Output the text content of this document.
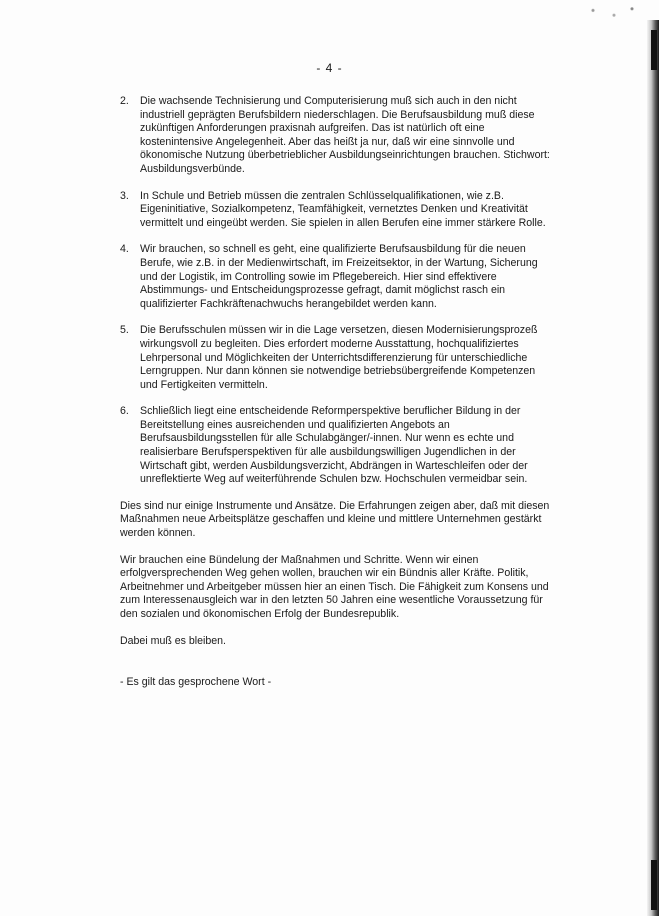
- 4 -
2.	Die wachsende Technisierung und Computerisierung muß sich auch in den nicht industriell geprägten Berufsbildern niederschlagen. Die Berufsausbildung muß diese zukünftigen Anforderungen praxisnah aufgreifen. Das ist natürlich oft eine kostenintensive Angelegenheit. Aber das heißt ja nur, daß wir eine sinnvolle und ökonomische Nutzung überbetrieblicher Ausbildungseinrichtungen brauchen. Stichwort: Ausbildungsverbünde.
3.	In Schule und Betrieb müssen die zentralen Schlüsselqualifikationen, wie z.B. Eigeninitiative, Sozialkompetenz, Teamfähigkeit, vernetztes Denken und Kreativität vermittelt und eingeübt werden. Sie spielen in allen Berufen eine immer stärkere Rolle.
4.	Wir brauchen, so schnell es geht, eine qualifizierte Berufsausbildung für die neuen Berufe, wie z.B. in der Medienwirtschaft, im Freizeitsektor, in der Wartung, Sicherung und der Logistik, im Controlling sowie im Pflegebereich. Hier sind effektivere Abstimmungs- und Entscheidungsprozesse gefragt, damit möglichst rasch ein qualifizierter Fachkräftenachwuchs herangebildet werden kann.
5.	Die Berufsschulen müssen wir in die Lage versetzen, diesen Modernisierungsprozeß wirkungsvoll zu begleiten. Dies erfordert moderne Ausstattung, hochqualifiziertes Lehrpersonal und Möglichkeiten der Unterrichtsdifferenzierung für unterschiedliche Lerngruppen. Nur dann können sie notwendige betriebsübergreifende Kompetenzen und Fertigkeiten vermitteln.
6.	Schließlich liegt eine entscheidende Reformperspektive beruflicher Bildung in der Bereitstellung eines ausreichenden und qualifizierten Angebots an Berufsausbildungsstellen für alle Schulabgänger/-innen. Nur wenn es echte und realisierbare Berufsperspektiven für alle ausbildungswilligen Jugendlichen in der Wirtschaft gibt, werden Ausbildungsverzicht, Abdrängen in Warteschleifen oder der unreflektierte Weg auf weiterführende Schulen bzw. Hochschulen vermeidbar sein.
Dies sind nur einige Instrumente und Ansätze. Die Erfahrungen zeigen aber, daß mit diesen Maßnahmen neue Arbeitsplätze geschaffen und kleine und mittlere Unternehmen gestärkt werden können.
Wir brauchen eine Bündelung der Maßnahmen und Schritte. Wenn wir einen erfolgversprechenden Weg gehen wollen, brauchen wir ein Bündnis aller Kräfte. Politik, Arbeitnehmer und Arbeitgeber müssen hier an einen Tisch. Die Fähigkeit zum Konsens und zum Interessenausgleich war in den letzten 50 Jahren eine wesentliche Voraussetzung für den sozialen und ökonomischen Erfolg der Bundesrepublik.
Dabei muß es bleiben.
- Es gilt das gesprochene Wort -
